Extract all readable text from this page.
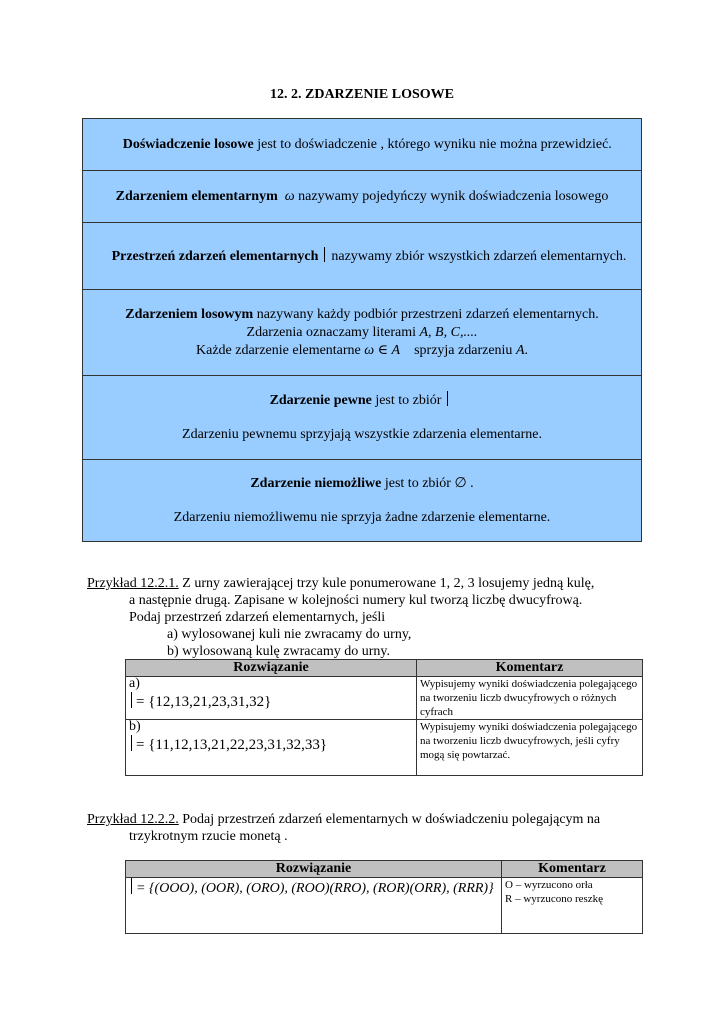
12. 2. ZDARZENIE LOSOWE
Doświadczenie losowe jest to doświadczenie , którego wyniku nie można przewidzieć.
Zdarzeniem elementarnym ω nazywamy pojedyńczy wynik doświadczenia losowego
Przestrzeń zdarzeń elementarnych nazywamy zbiór wszystkich zdarzeń elementarnych.

Zdarzeniem losowym nazywany każdy podbiór przestrzeni zdarzeń elementarnych.
Zdarzenia oznaczamy literami A, B, C,....
Każde zdarzenie elementarne ω ∈ A    sprzyja zdarzeniu A.

Zdarzenie pewne jest to zbiór
Zdarzeniu pewnemu sprzyjają wszystkie zdarzenia elementarne.

Zdarzenie niemożliwe jest to zbiór ∅ .
Zdarzeniu niemożliwemu nie sprzyja żadne zdarzenie elementarne.
Przykład 12.2.1. Z urny zawierającej trzy kule ponumerowane 1, 2, 3 losujemy jedną kulę,
a następnie drugą. Zapisane w kolejności numery kul tworzą liczbę dwucyfrową.
Podaj przestrzeń zdarzeń elementarnych, jeśli
a) wylosowanej kuli nie zwracamy do urny,
b) wylosowaną kulę zwracamy do urny.
Rozwiązanie	Komentarz

a)
= {12,13,21,23,31,32}	Wypisujemy wyniki doświadczenia polegającego na tworzeniu liczb dwucyfrowych o różnych cyfrach

b)
= {11,12,13,21,22,23,31,32,33}	Wypisujemy wyniki doświadczenia polegającego na tworzeniu liczb dwucyfrowych, jeśli cyfry mogą się powtarzać.
Przykład 12.2.2. Podaj przestrzeń zdarzeń elementarnych w doświadczeniu polegającym na
trzykrotnym rzucie monetą .
Rozwiązanie	Komentarz

= {(OOO), (OOR), (ORO), (ROO)(RRO), (ROR)(ORR), (RRR)}	O – wyrzucono orła
R – wyrzucono reszkę
